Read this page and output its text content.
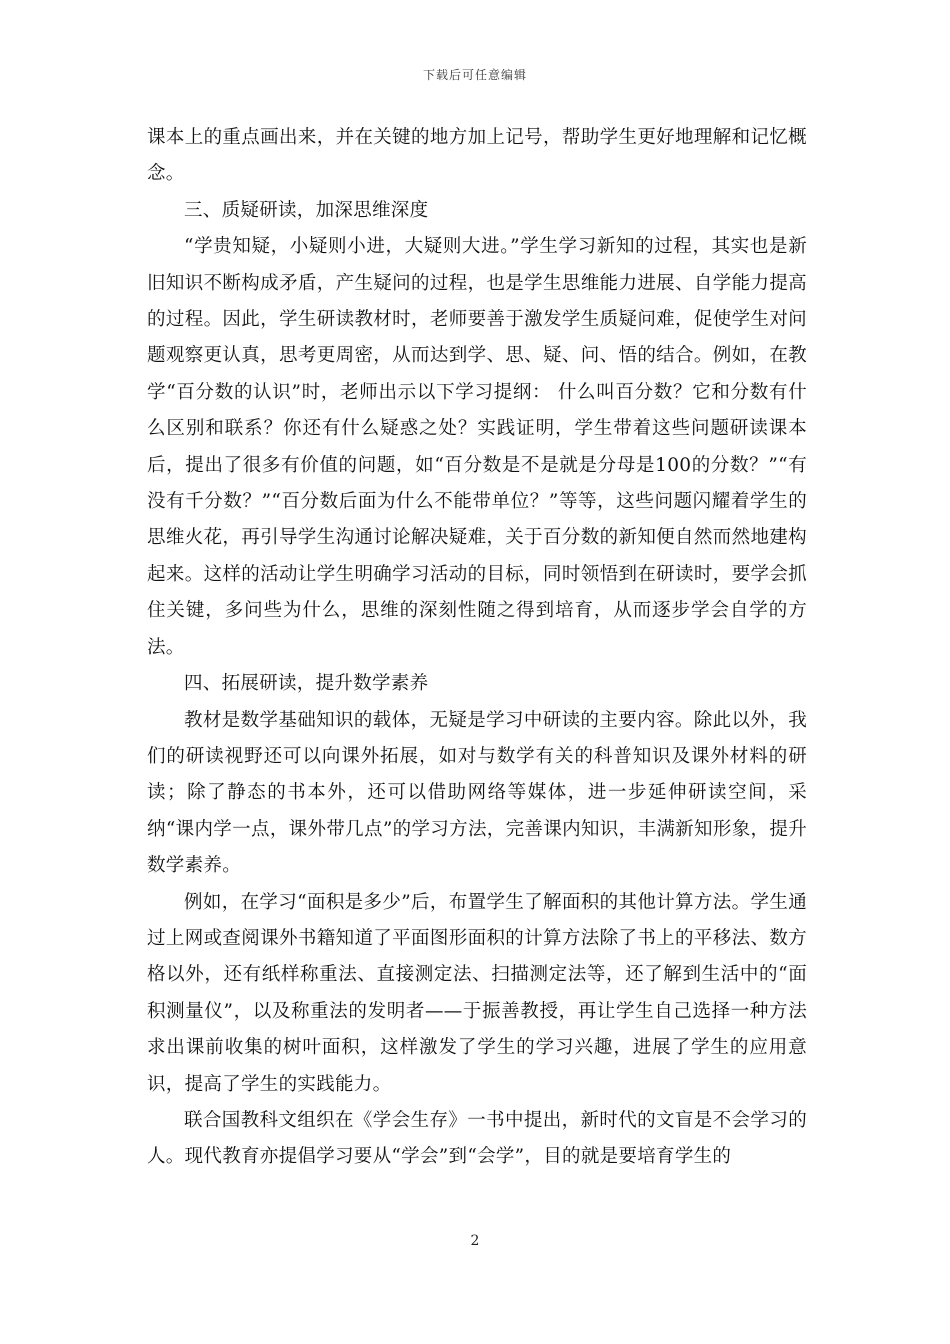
下载后可任意编辑

课本上的重点画出来，并在关键的地方加上记号，帮助学生更好地理解和记忆概念。

三、质疑研读，加深思维深度

“学贵知疑，小疑则小进，大疑则大进。”学生学习新知的过程，其实也是新旧知识不断构成矛盾，产生疑问的过程，也是学生思维能力进展、自学能力提高的过程。因此，学生研读教材时，老师要善于激发学生质疑问难，促使学生对问题观察更认真，思考更周密，从而达到学、思、疑、问、悟的结合。例如，在教学“百分数的认识”时，老师出示以下学习提纲： 什么叫百分数？它和分数有什么区别和联系？你还有什么疑惑之处？实践证明，学生带着这些问题研读课本后，提出了很多有价值的问题，如“百分数是不是就是分母是100的分数？”“有没有千分数？”“百分数后面为什么不能带单位？”等等，这些问题闪耀着学生的思维火花，再引导学生沟通讨论解决疑难，关于百分数的新知便自然而然地建构起来。这样的活动让学生明确学习活动的目标，同时领悟到在研读时，要学会抓住关键，多问些为什么，思维的深刻性随之得到培育，从而逐步学会自学的方法。

四、拓展研读，提升数学素养

教材是数学基础知识的载体，无疑是学习中研读的主要内容。除此以外，我们的研读视野还可以向课外拓展，如对与数学有关的科普知识及课外材料的研读；除了静态的书本外，还可以借助网络等媒体，进一步延伸研读空间，采纳“课内学一点，课外带几点”的学习方法，完善课内知识，丰满新知形象，提升数学素养。

例如，在学习“面积是多少”后，布置学生了解面积的其他计算方法。学生通过上网或查阅课外书籍知道了平面图形面积的计算方法除了书上的平移法、数方格以外，还有纸样称重法、直接测定法、扫描测定法等，还了解到生活中的“面积测量仪”，以及称重法的发明者——于振善教授，再让学生自己选择一种方法求出课前收集的树叶面积，这样激发了学生的学习兴趣，进展了学生的应用意识，提高了学生的实践能力。

联合国教科文组织在《学会生存》一书中提出，新时代的文盲是不会学习的人。现代教育亦提倡学习要从“学会”到“会学”，目的就是要培育学生的

2
